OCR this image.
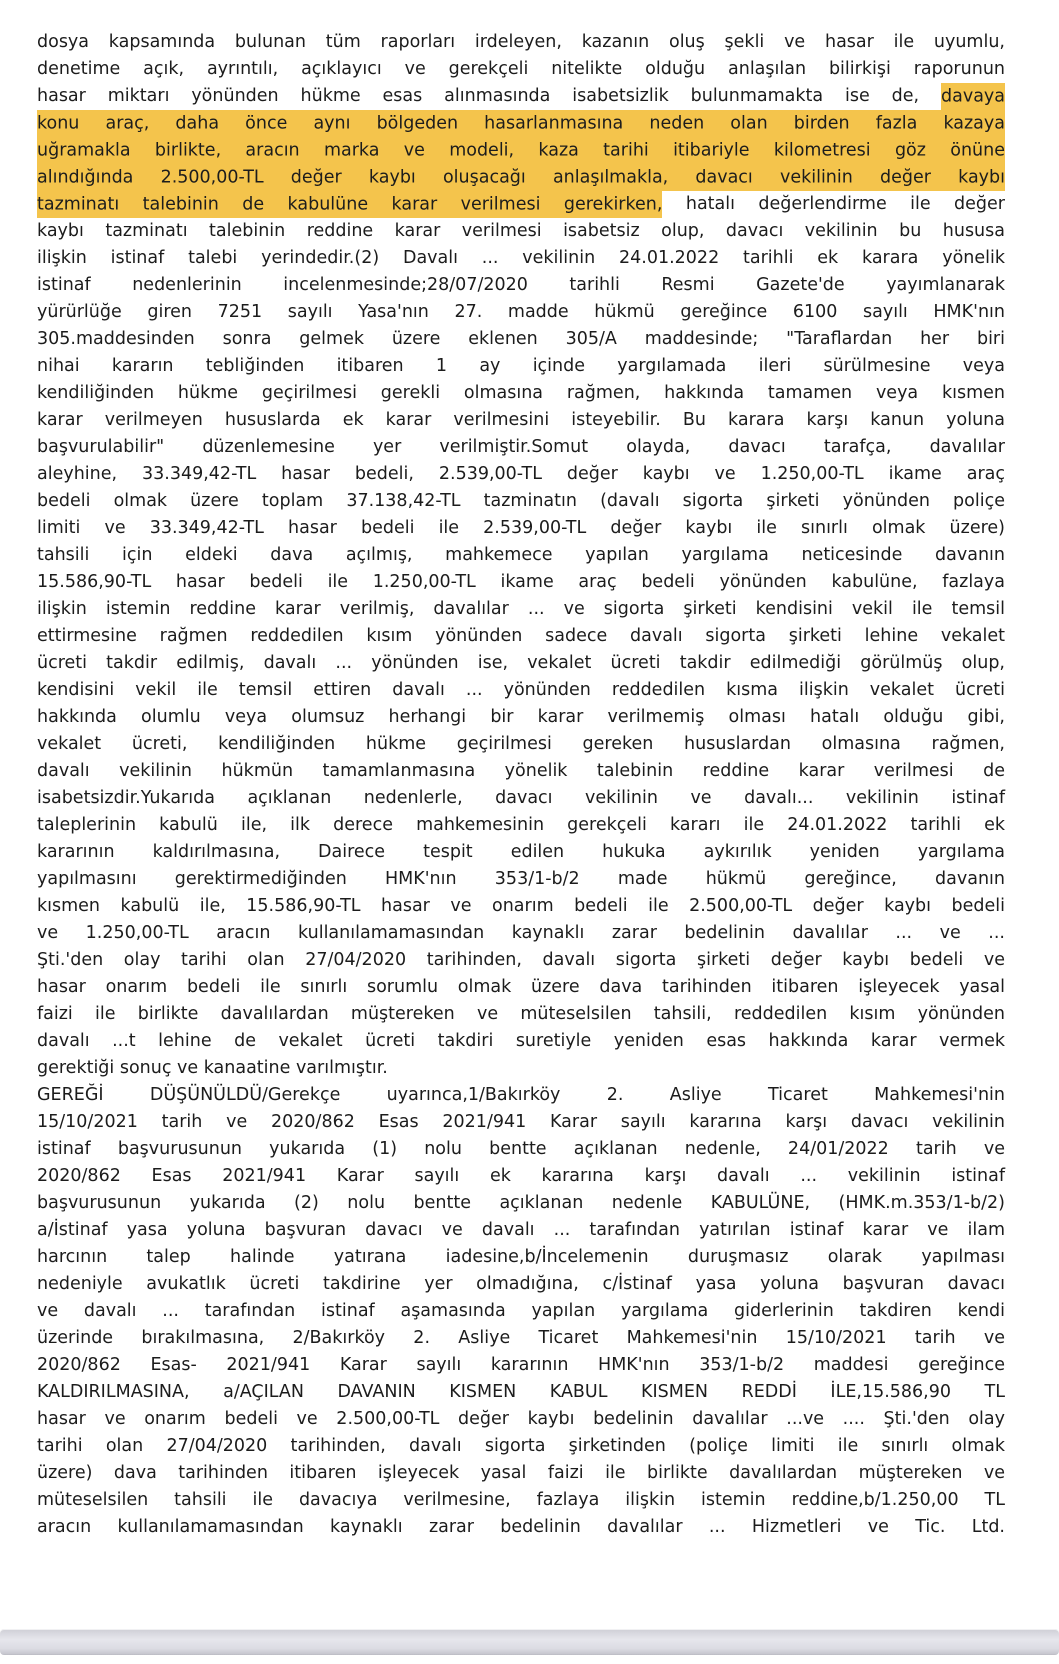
dosya kapsamında bulunan tüm raporları irdeleyen, kazanın oluş şekli ve hasar ile uyumlu,
denetime açık, ayrıntılı, açıklayıcı ve gerekçeli nitelikte olduğu anlaşılan bilirkişi raporunun
hasar miktarı yönünden hükme esas alınmasında isabetsizlik bulunmamakta ise de, davaya
konu araç, daha önce aynı bölgeden hasarlanmasına neden olan birden fazla kazaya
uğramakla birlikte, aracın marka ve modeli, kaza tarihi itibariyle kilometresi göz önüne
alındığında 2.500,00-TL değer kaybı oluşacağı anlaşılmakla, davacı vekilinin değer kaybı
tazminatı talebinin de kabulüne karar verilmesi gerekirken, hatalı değerlendirme ile değer
kaybı tazminatı talebinin reddine karar verilmesi isabetsiz olup, davacı vekilinin bu hususa
ilişkin istinaf talebi yerindedir.(2) Davalı ... vekilinin 24.01.2022 tarihli ek karara yönelik
istinaf nedenlerinin incelenmesinde;28/07/2020 tarihli Resmi Gazete'de yayımlanarak
yürürlüğe giren 7251 sayılı Yasa'nın 27. madde hükmü gereğince 6100 sayılı HMK'nın
305.maddesinden sonra gelmek üzere eklenen 305/A maddesinde; "Taraflardan her biri
nihai kararın tebliğinden itibaren 1 ay içinde yargılamada ileri sürülmesine veya
kendiliğinden hükme geçirilmesi gerekli olmasına rağmen, hakkında tamamen veya kısmen
karar verilmeyen hususlarda ek karar verilmesini isteyebilir. Bu karara karşı kanun yoluna
başvurulabilir" düzenlemesine yer verilmiştir.Somut olayda, davacı tarafça, davalılar
aleyhine, 33.349,42-TL hasar bedeli, 2.539,00-TL değer kaybı ve 1.250,00-TL ikame araç
bedeli olmak üzere toplam 37.138,42-TL tazminatın (davalı sigorta şirketi yönünden poliçe
limiti ve 33.349,42-TL hasar bedeli ile 2.539,00-TL değer kaybı ile sınırlı olmak üzere)
tahsili için eldeki dava açılmış, mahkemece yapılan yargılama neticesinde davanın
15.586,90-TL hasar bedeli ile 1.250,00-TL ikame araç bedeli yönünden kabulüne, fazlaya
ilişkin istemin reddine karar verilmiş, davalılar ... ve sigorta şirketi kendisini vekil ile temsil
ettirmesine rağmen reddedilen kısım yönünden sadece davalı sigorta şirketi lehine vekalet
ücreti takdir edilmiş, davalı ... yönünden ise, vekalet ücreti takdir edilmediği görülmüş olup,
kendisini vekil ile temsil ettiren davalı ... yönünden reddedilen kısma ilişkin vekalet ücreti
hakkında olumlu veya olumsuz herhangi bir karar verilmemiş olması hatalı olduğu gibi,
vekalet ücreti, kendiliğinden hükme geçirilmesi gereken hususlardan olmasına rağmen,
davalı vekilinin hükmün tamamlanmasına yönelik talebinin reddine karar verilmesi de
isabetsizdir.Yukarıda açıklanan nedenlerle, davacı vekilinin ve davalı... vekilinin istinaf
taleplerinin kabulü ile, ilk derece mahkemesinin gerekçeli kararı ile 24.01.2022 tarihli ek
kararının kaldırılmasına, Dairece tespit edilen hukuka aykırılık yeniden yargılama
yapılmasını gerektirmediğinden HMK'nın 353/1-b/2 made hükmü gereğince, davanın
kısmen kabulü ile, 15.586,90-TL hasar ve onarım bedeli ile 2.500,00-TL değer kaybı bedeli
ve 1.250,00-TL aracın kullanılamamasından kaynaklı zarar bedelinin davalılar ... ve ...
Şti.'den olay tarihi olan 27/04/2020 tarihinden, davalı sigorta şirketi değer kaybı bedeli ve
hasar onarım bedeli ile sınırlı sorumlu olmak üzere dava tarihinden itibaren işleyecek yasal
faizi ile birlikte davalılardan müştereken ve müteselsilen tahsili, reddedilen kısım yönünden
davalı ...t lehine de vekalet ücreti takdiri suretiyle yeniden esas hakkında karar vermek
gerektiği sonuç ve kanaatine varılmıştır.
GEREĞİ DÜŞÜNÜLDÜ/Gerekçe uyarınca,1/Bakırköy 2. Asliye Ticaret Mahkemesi'nin
15/10/2021 tarih ve 2020/862 Esas 2021/941 Karar sayılı kararına karşı davacı vekilinin
istinaf başvurusunun yukarıda (1) nolu bentte açıklanan nedenle, 24/01/2022 tarih ve
2020/862 Esas 2021/941 Karar sayılı ek kararına karşı davalı ... vekilinin istinaf
başvurusunun yukarıda (2) nolu bentte açıklanan nedenle KABULÜNE, (HMK.m.353/1-b/2)
a/İstinaf yasa yoluna başvuran davacı ve davalı ... tarafından yatırılan istinaf karar ve ilam
harcının talep halinde yatırana iadesine,b/İncelemenin duruşmasız olarak yapılması
nedeniyle avukatlık ücreti takdirine yer olmadığına, c/İstinaf yasa yoluna başvuran davacı
ve davalı ... tarafından istinaf aşamasında yapılan yargılama giderlerinin takdiren kendi
üzerinde bırakılmasına, 2/Bakırköy 2. Asliye Ticaret Mahkemesi'nin 15/10/2021 tarih ve
2020/862 Esas- 2021/941 Karar sayılı kararının HMK'nın 353/1-b/2 maddesi gereğince
KALDIRILMASINA, a/AÇILAN DAVANIN KISMEN KABUL KISMEN REDDİ İLE,15.586,90 TL
hasar ve onarım bedeli ve 2.500,00-TL değer kaybı bedelinin davalılar ...ve .... Şti.'den olay
tarihi olan 27/04/2020 tarihinden, davalı sigorta şirketinden (poliçe limiti ile sınırlı olmak
üzere) dava tarihinden itibaren işleyecek yasal faizi ile birlikte davalılardan müştereken ve
müteselsilen tahsili ile davacıya verilmesine, fazlaya ilişkin istemin reddine,b/1.250,00 TL
aracın kullanılamamasından kaynaklı zarar bedelinin davalılar ... Hizmetleri ve Tic. Ltd.
